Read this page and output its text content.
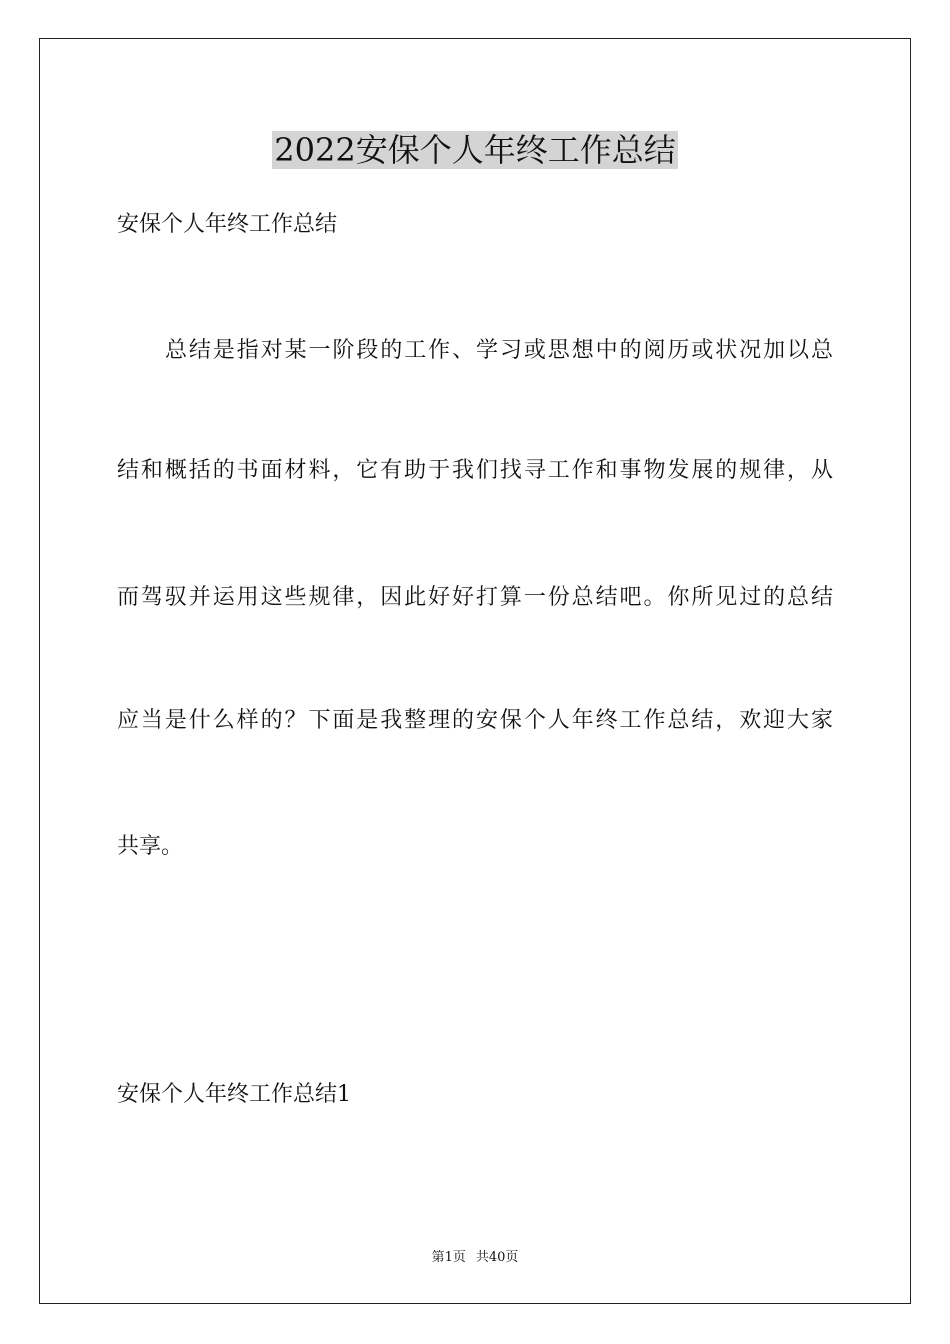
2022安保个人年终工作总结

安保个人年终工作总结

总结是指对某一阶段的工作、学习或思想中的阅历或状况加以总

结和概括的书面材料，它有助于我们找寻工作和事物发展的规律，从

而驾驭并运用这些规律，因此好好打算一份总结吧。你所见过的总结

应当是什么样的？下面是我整理的安保个人年终工作总结，欢迎大家

共享。

安保个人年终工作总结1

第1页 共40页
